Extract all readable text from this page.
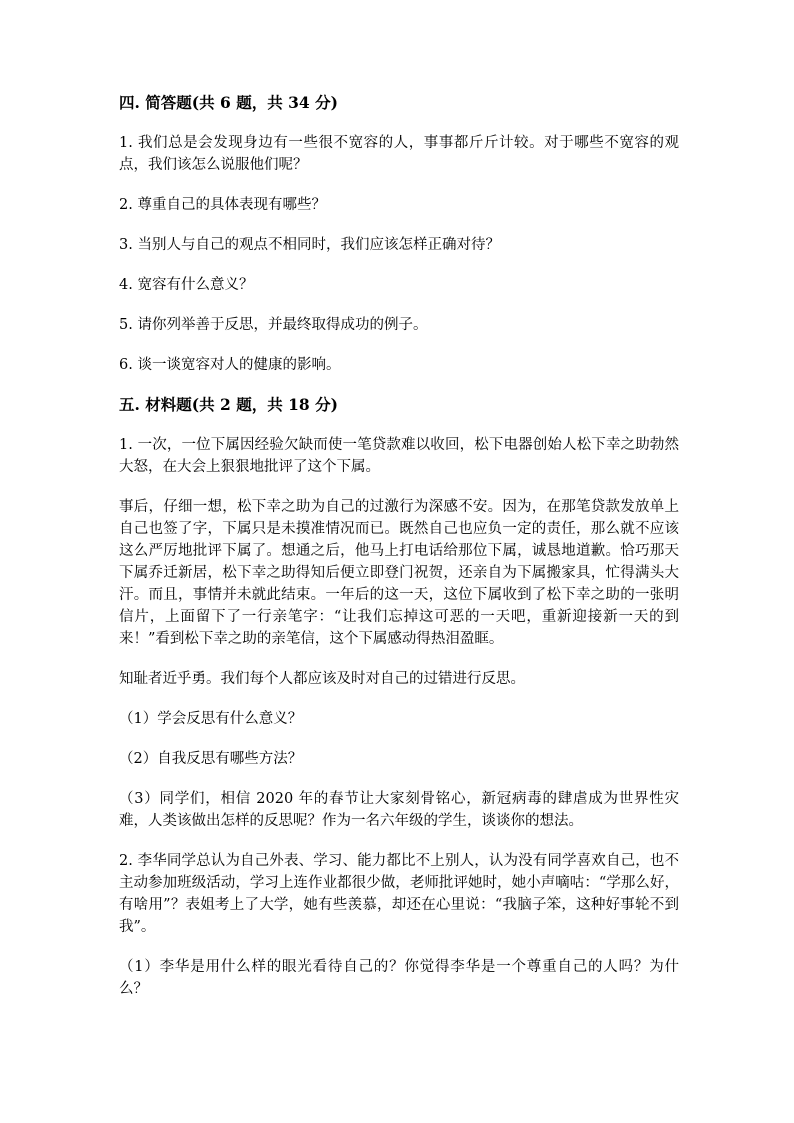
四. 简答题(共 6 题，共 34 分)
1. 我们总是会发现身边有一些很不宽容的人，事事都斤斤计较。对于哪些不宽容的观点，我们该怎么说服他们呢？
2. 尊重自己的具体表现有哪些？
3. 当别人与自己的观点不相同时，我们应该怎样正确对待？
4. 宽容有什么意义？
5. 请你列举善于反思，并最终取得成功的例子。
6. 谈一谈宽容对人的健康的影响。
五. 材料题(共 2 题，共 18 分)
1. 一次，一位下属因经验欠缺而使一笔贷款难以收回，松下电器创始人松下幸之助勃然大怒，在大会上狠狠地批评了这个下属。
事后，仔细一想，松下幸之助为自己的过激行为深感不安。因为，在那笔贷款发放单上自己也签了字，下属只是未摸准情况而已。既然自己也应负一定的责任，那么就不应该这么严厉地批评下属了。想通之后，他马上打电话给那位下属，诚恳地道歉。恰巧那天下属乔迁新居，松下幸之助得知后便立即登门祝贺，还亲自为下属搬家具，忙得满头大汗。而且，事情并未就此结束。一年后的这一天，这位下属收到了松下幸之助的一张明信片，上面留下了一行亲笔字：“让我们忘掉这可恶的一天吧，重新迎接新一天的到来！”看到松下幸之助的亲笔信，这个下属感动得热泪盈眶。
知耻者近乎勇。我们每个人都应该及时对自己的过错进行反思。
（1）学会反思有什么意义？
（2）自我反思有哪些方法？
（3）同学们，相信 2020 年的春节让大家刻骨铭心，新冠病毒的肆虐成为世界性灾难，人类该做出怎样的反思呢？作为一名六年级的学生，谈谈你的想法。
2. 李华同学总认为自己外表、学习、能力都比不上别人，认为没有同学喜欢自己，也不主动参加班级活动，学习上连作业都很少做，老师批评她时，她小声嘀咕：“学那么好，有啥用”？表姐考上了大学，她有些羡慕，却还在心里说：“我脑子笨，这种好事轮不到我”。
（1）李华是用什么样的眼光看待自己的？你觉得李华是一个尊重自己的人吗？为什么？
